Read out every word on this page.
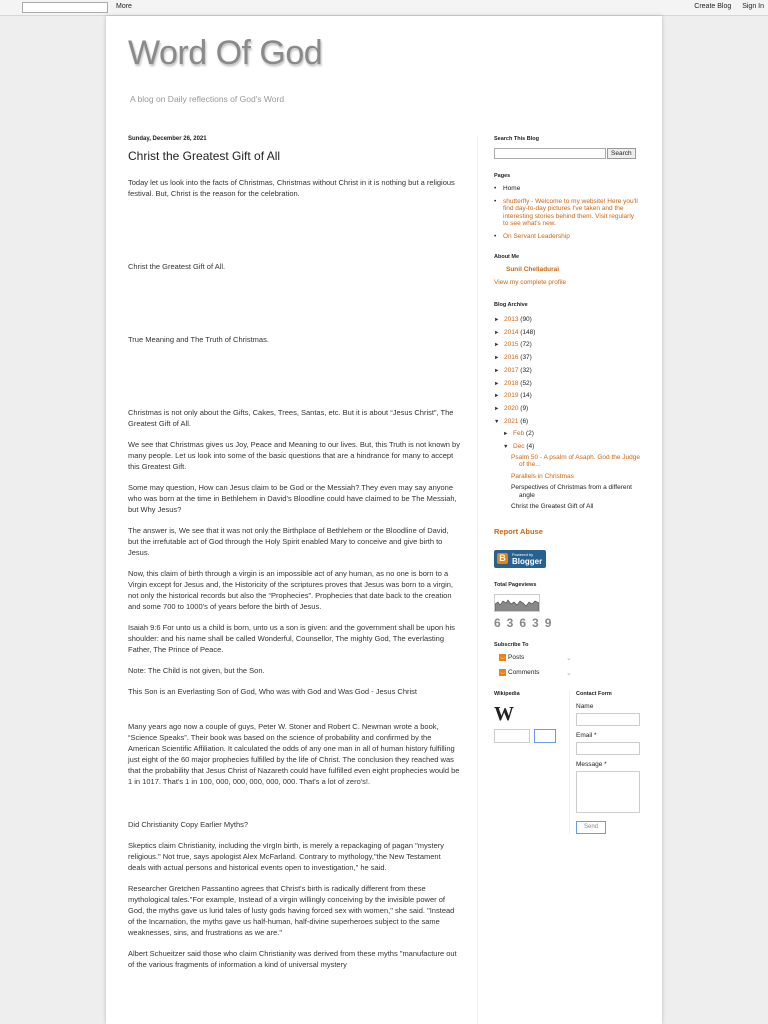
More	Create Blog Sign In
Word Of God
A blog on Daily reflections of God's Word
Sunday, December 26, 2021
Christ the Greatest Gift of All

Today let us look into the facts of Christmas, Christmas without Christ in it is nothing but a religious festival. But, Christ is the reason for the celebration.

Christ the Greatest Gift of All.

True Meaning and The Truth of Christmas.

Christmas is not only about the Gifts, Cakes, Trees, Santas, etc. But it is about “Jesus Christ”, The Greatest Gift of All.

We see that Christmas gives us Joy, Peace and Meaning to our lives. But, this Truth is not known by many people. Let us look into some of the basic questions that are a hindrance for many to accept this Greatest Gift.

Some may question, How can Jesus claim to be God or the Messiah? They even may say anyone who was born at the time in Bethlehem in David’s Bloodline could have claimed to be The Messiah, but Why Jesus?

The answer is, We see that it was not only the Birthplace of Bethlehem or the Bloodline of David, but the irrefutable act of God through the Holy Spirit enabled Mary to conceive and give birth to Jesus.

Now, this claim of birth through a virgin is an impossible act of any human, as no one is born to a Virgin except for Jesus and, the Historicity of the scriptures proves that Jesus was born to a virgin, not only the historical records but also the “Prophecies”. Prophecies that date back to the creation and some 700 to 1000’s of years before the birth of Jesus.

Isaiah 9:6 For unto us a child is born, unto us a son is given: and the government shall be upon his shoulder: and his name shall be called Wonderful, Counsellor, The mighty God, The everlasting Father, The Prince of Peace.

Note: The Child is not given, but the Son.

This Son is an Everlasting Son of God, Who was with God and Was God - Jesus Christ

Many years ago now a couple of guys, Peter W. Stoner and Robert C. Newman wrote a book, “Science Speaks”. Their book was based on the science of probability and confirmed by the American Scientific Affiliation. It calculated the odds of any one man in all of human history fulfilling just eight of the 60 major prophecies fulfilled by the life of Christ. The conclusion they reached was that the probability that Jesus Christ of Nazareth could have fulfilled even eight prophecies would be 1 in 1017. That's 1 in 100, 000, 000, 000, 000, 000. That's a lot of zero's!.

Did Christianity Copy Earlier Myths?

Skeptics claim Christianity, including the vIrgIn birth, is merely a repackaging of pagan "mystery religious." Not true, says apologist Alex McFarland. Contrary to mythology,"the New Testament deals with actual persons and historical events open to investigation," he said.

Researcher Gretchen Passantino agrees that Christ's birth is radically different from these mythological tales."For example, Instead of a virgin willingly conceiving by the invisible power of God, the myths gave us lurid tales of lusty gods having forced sex with women," she said. "Instead of the Incarnation, the myths gave us half-human, half-divine superheroes subject to the same weaknesses, sins, and frustrations as we are."

Albert Schueitzer said those who claim Christianity was derived from these myths "manufacture out of the various fragments of information a kind of universal mystery

Search This Blog
Search
Pages
• Home
• shutterfly - Welcome to my website! Here you'll find day-to-day pictures I've taken and the interesting stories behind them. Visit regularly to see what's new.
• On Servant Leadership
About Me
Sunil Chelladurai
View my complete profile
Blog Archive
► 2013 (90)
► 2014 (148)
► 2015 (72)
► 2016 (37)
► 2017 (32)
► 2018 (52)
► 2019 (14)
► 2020 (9)
▼ 2021 (6)
► Feb (2)
▼ Dec (4)
Psalm 50 - A psalm of Asaph. God the Judge of the...
Parallels in Christmas
Perspectives of Christmas from a different angle
Christ the Greatest Gift of All
Report Abuse
B	Powered by
Blogger
Total Pageviews
63639
Subscribe To
◡ Posts	⌄
◡ Comments	⌄
Wikipedia
W
Contact Form
Name
Email *
Message *
Send
